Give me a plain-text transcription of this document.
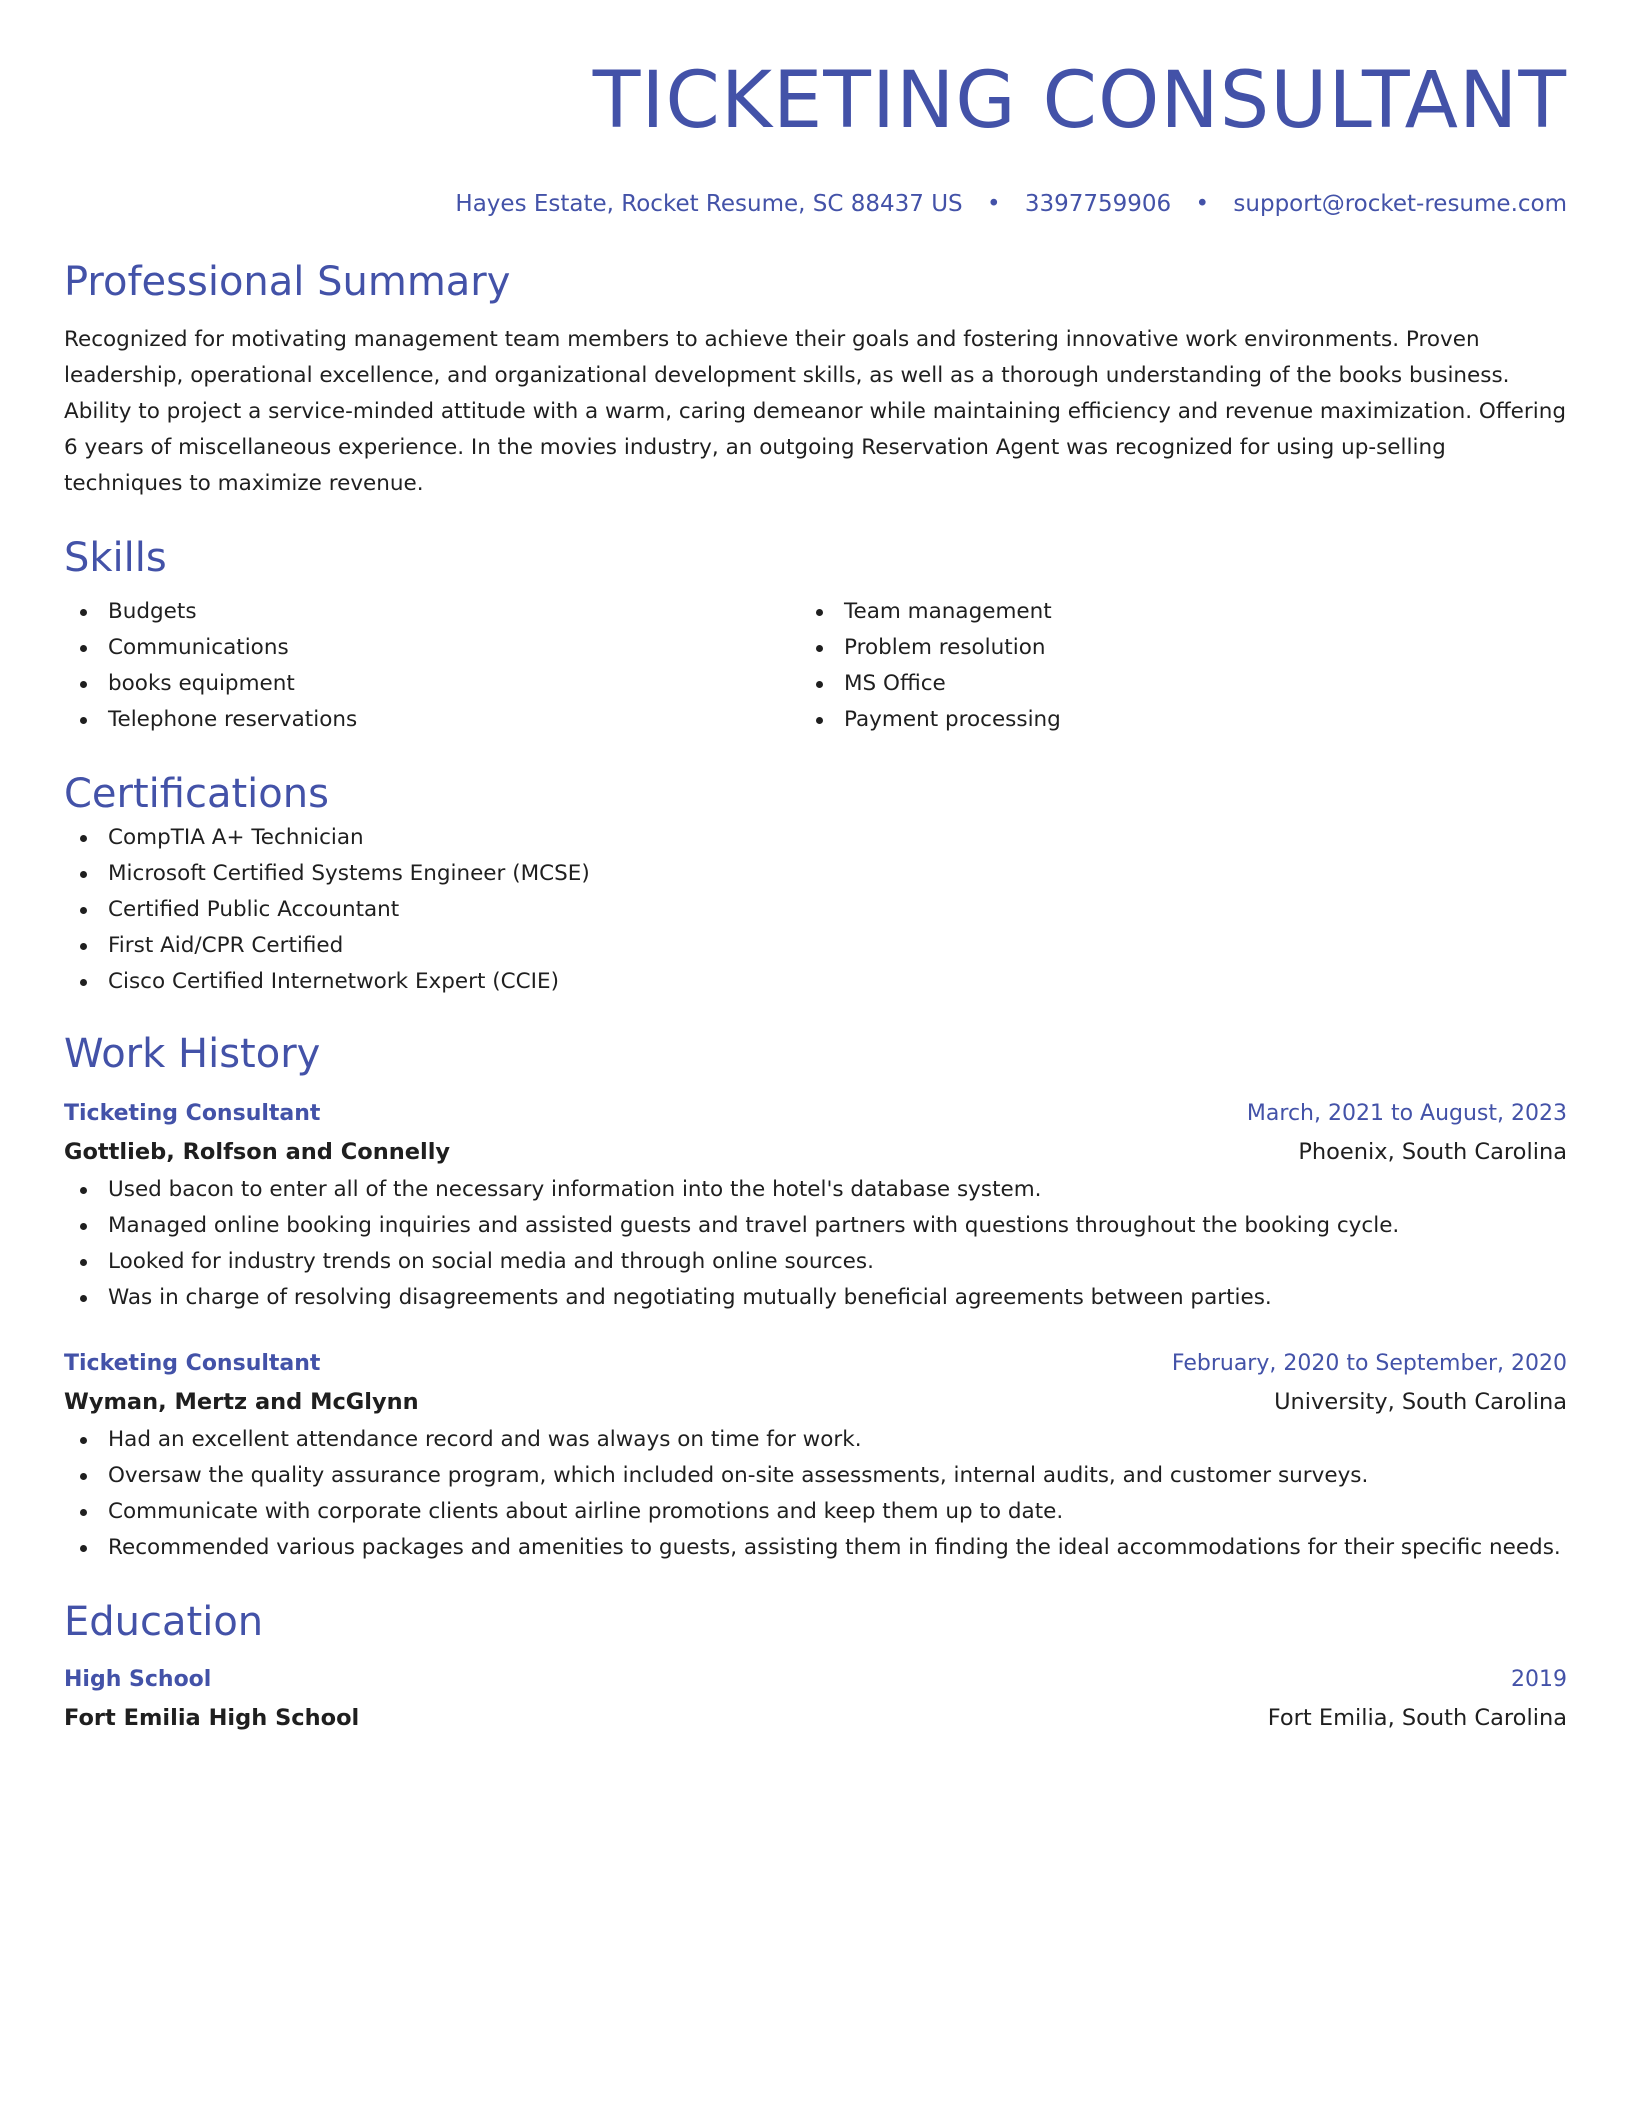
TICKETING CONSULTANT
Hayes Estate, Rocket Resume, SC 88437 US • 3397759906 • support@rocket-resume.com
Professional Summary
Recognized for motivating management team members to achieve their goals and fostering innovative work environments. Proven leadership, operational excellence, and organizational development skills, as well as a thorough understanding of the books business. Ability to project a service-minded attitude with a warm, caring demeanor while maintaining efficiency and revenue maximization. Offering 6 years of miscellaneous experience. In the movies industry, an outgoing Reservation Agent was recognized for using up-selling techniques to maximize revenue.
Skills
Budgets
Communications
books equipment
Telephone reservations
Team management
Problem resolution
MS Office
Payment processing
Certifications
CompTIA A+ Technician
Microsoft Certified Systems Engineer (MCSE)
Certified Public Accountant
First Aid/CPR Certified
Cisco Certified Internetwork Expert (CCIE)
Work History
Ticketing Consultant	March, 2021 to August, 2023
Gottlieb, Rolfson and Connelly	Phoenix, South Carolina
Used bacon to enter all of the necessary information into the hotel's database system.
Managed online booking inquiries and assisted guests and travel partners with questions throughout the booking cycle.
Looked for industry trends on social media and through online sources.
Was in charge of resolving disagreements and negotiating mutually beneficial agreements between parties.
Ticketing Consultant	February, 2020 to September, 2020
Wyman, Mertz and McGlynn	University, South Carolina
Had an excellent attendance record and was always on time for work.
Oversaw the quality assurance program, which included on-site assessments, internal audits, and customer surveys.
Communicate with corporate clients about airline promotions and keep them up to date.
Recommended various packages and amenities to guests, assisting them in finding the ideal accommodations for their specific needs.
Education
High School	2019
Fort Emilia High School	Fort Emilia, South Carolina
